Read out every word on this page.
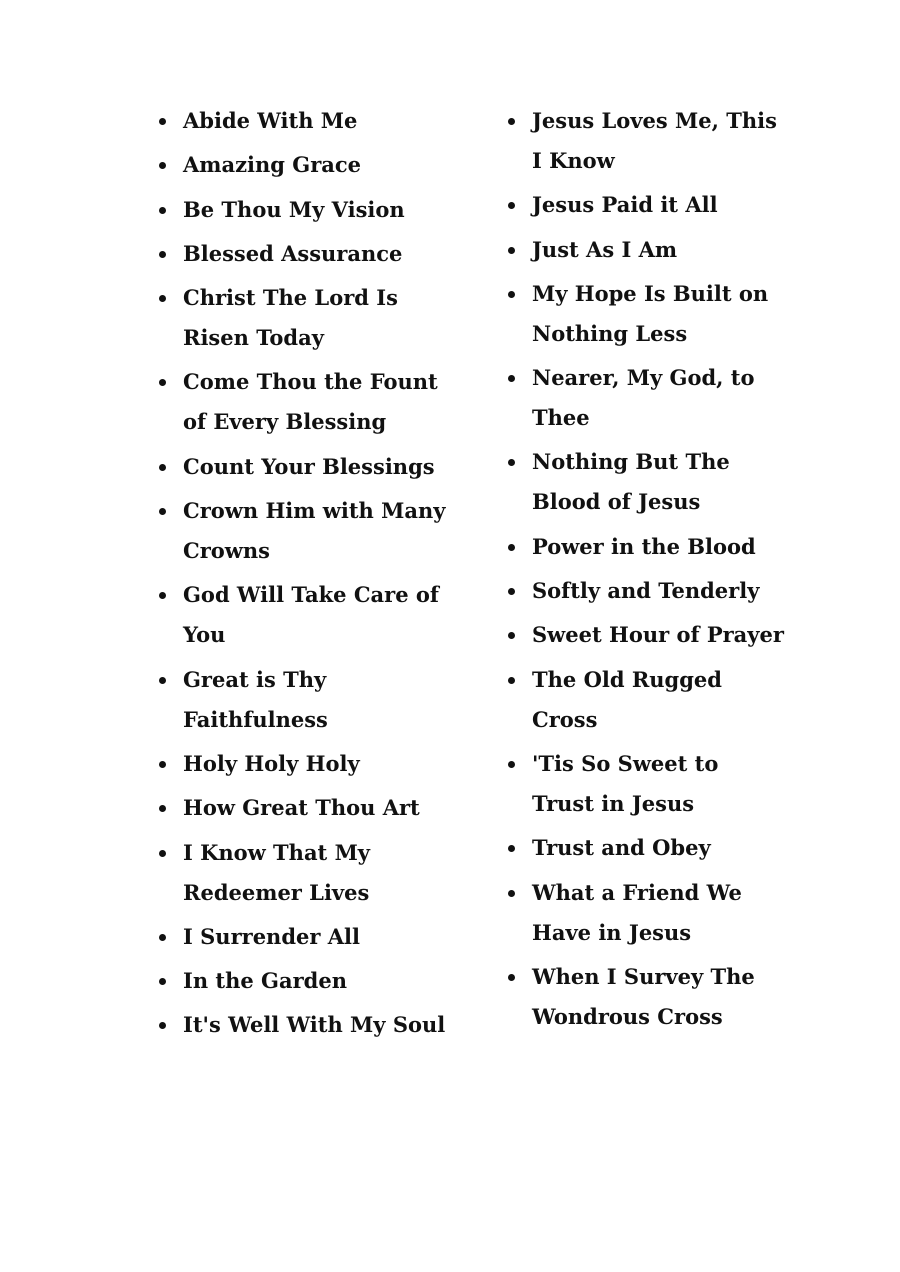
Abide With Me
Amazing Grace
Be Thou My Vision
Blessed Assurance
Christ The Lord Is Risen Today
Come Thou the Fount of Every Blessing
Count Your Blessings
Crown Him with Many Crowns
God Will Take Care of You
Great is Thy Faithfulness
Holy Holy Holy
How Great Thou Art
I Know That My Redeemer Lives
I Surrender All
In the Garden
It's Well With My Soul
Jesus Loves Me, This I Know
Jesus Paid it All
Just As I Am
My Hope Is Built on Nothing Less
Nearer, My God, to Thee
Nothing But The Blood of Jesus
Power in the Blood
Softly and Tenderly
Sweet Hour of Prayer
The Old Rugged Cross
'Tis So Sweet to Trust in Jesus
Trust and Obey
What a Friend We Have in Jesus
When I Survey The Wondrous Cross
